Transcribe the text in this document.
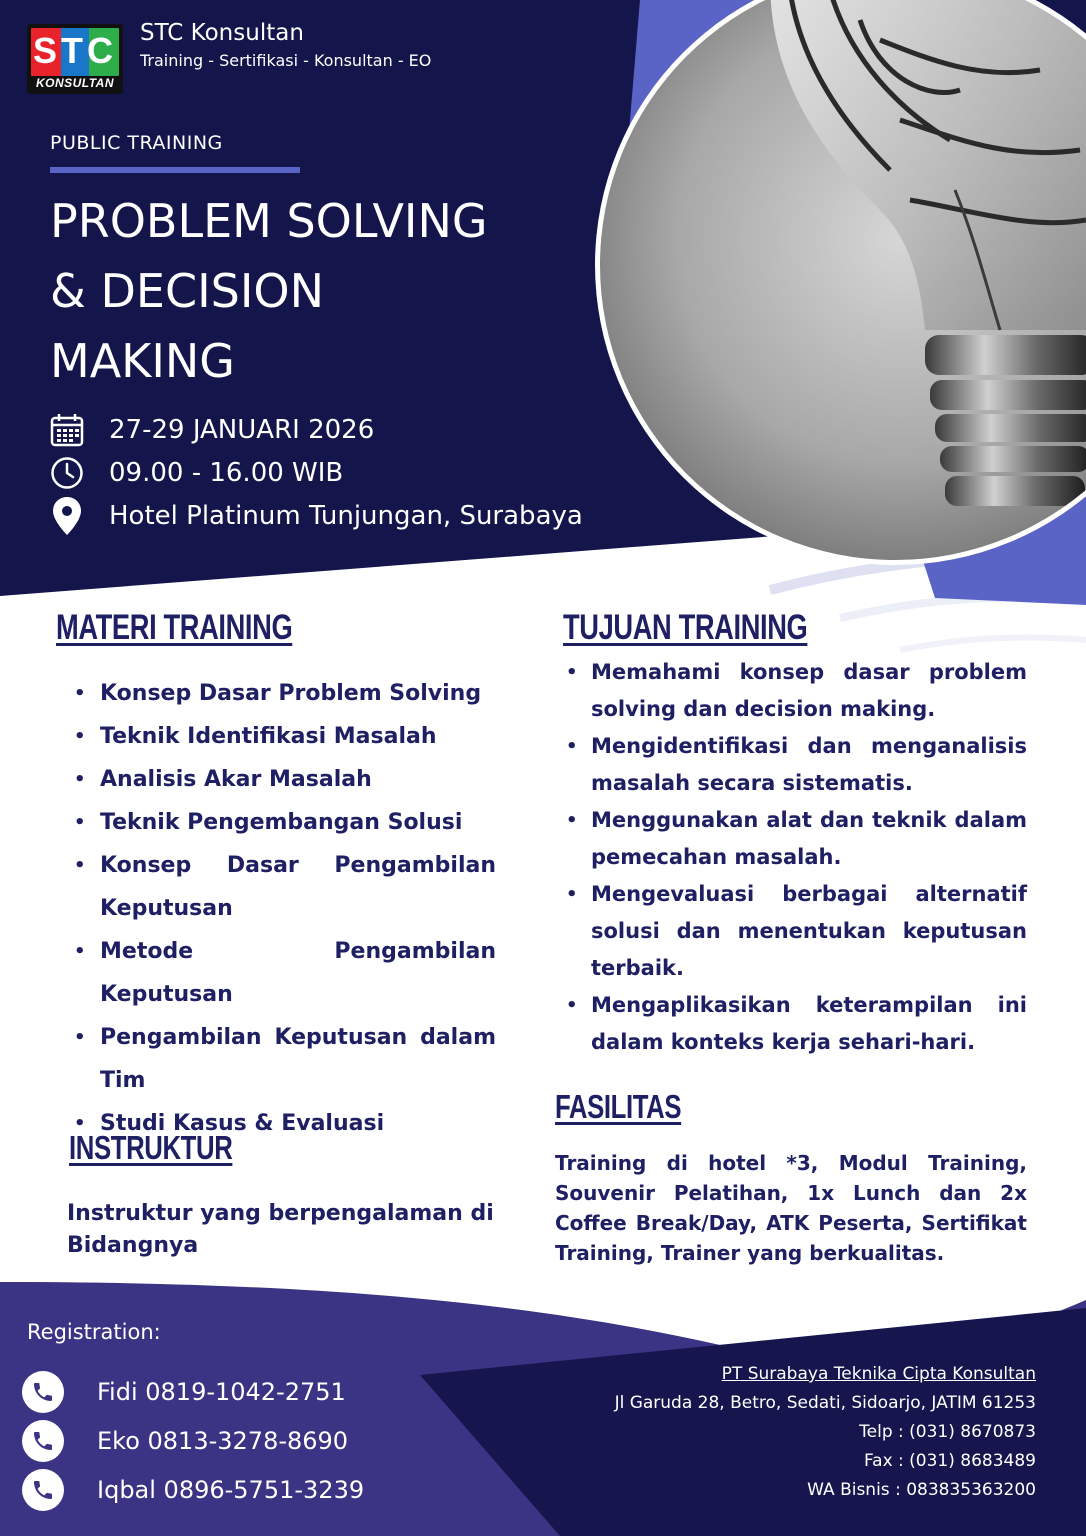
STC
KONSULTAN
STC Konsultan
Training - Sertifikasi - Konsultan - EO
PUBLIC TRAINING
PROBLEM SOLVING
& DECISION
MAKING
27-29 JANUARI 2026
09.00 - 16.00 WIB
Hotel Platinum Tunjungan, Surabaya
MATERI TRAINING
• Konsep Dasar Problem Solving
• Teknik Identifikasi Masalah
• Analisis Akar Masalah
• Teknik Pengembangan Solusi
• Konsep Dasar Pengambilan Keputusan
• Metode Pengambilan Keputusan
• Pengambilan Keputusan dalam Tim
• Studi Kasus & Evaluasi
TUJUAN TRAINING
• Memahami konsep dasar problem solving dan decision making.
• Mengidentifikasi dan menganalisis masalah secara sistematis.
• Menggunakan alat dan teknik dalam pemecahan masalah.
• Mengevaluasi berbagai alternatif solusi dan menentukan keputusan terbaik.
• Mengaplikasikan keterampilan ini dalam konteks kerja sehari-hari.
INSTRUKTUR
Instruktur yang berpengalaman di Bidangnya
FASILITAS
Training di hotel *3, Modul Training, Souvenir Pelatihan, 1x Lunch dan 2x Coffee Break/Day, ATK Peserta, Sertifikat Training, Trainer yang berkualitas.
Registration:
Fidi 0819-1042-2751
Eko 0813-3278-8690
Iqbal 0896-5751-3239
PT Surabaya Teknika Cipta Konsultan
Jl Garuda 28, Betro, Sedati, Sidoarjo, JATIM 61253
Telp : (031) 8670873
Fax : (031) 8683489
WA Bisnis : 083835363200
